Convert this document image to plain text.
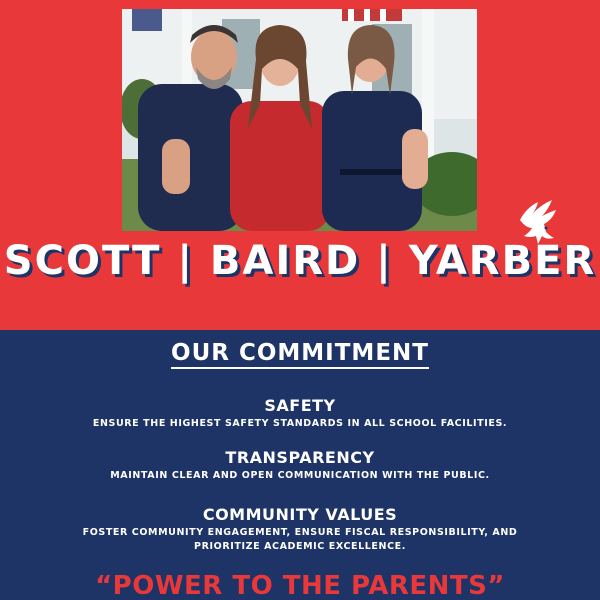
SCOTT | BAIRD | YARBER
OUR COMMITMENT
SAFETY
ENSURE THE HIGHEST SAFETY STANDARDS IN ALL SCHOOL FACILITIES.
TRANSPARENCY
MAINTAIN CLEAR AND OPEN COMMUNICATION WITH THE PUBLIC.
COMMUNITY VALUES
FOSTER COMMUNITY ENGAGEMENT, ENSURE FISCAL RESPONSIBILITY, AND
PRIORITIZE ACADEMIC EXCELLENCE.
“POWER TO THE PARENTS”
